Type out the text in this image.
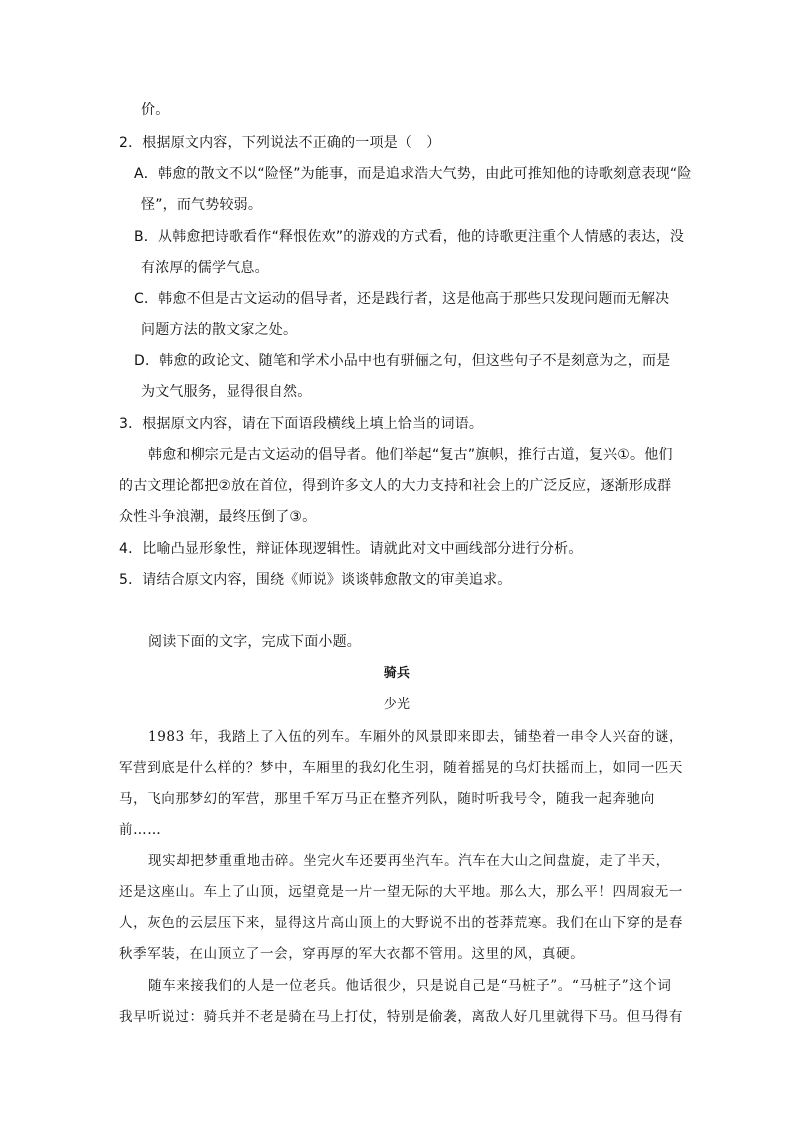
价。
2．根据原文内容，下列说法不正确的一项是（　）
A．韩愈的散文不以“险怪”为能事，而是追求浩大气势，由此可推知他的诗歌刻意表现“险
怪”，而气势较弱。
B．从韩愈把诗歌看作“释恨佐欢”的游戏的方式看，他的诗歌更注重个人情感的表达，没
有浓厚的儒学气息。
C．韩愈不但是古文运动的倡导者，还是践行者，这是他高于那些只发现问题而无解决
问题方法的散文家之处。
D．韩愈的政论文、随笔和学术小品中也有骈俪之句，但这些句子不是刻意为之，而是
为文气服务，显得很自然。
3．根据原文内容，请在下面语段横线上填上恰当的词语。
韩愈和柳宗元是古文运动的倡导者。他们举起“复古”旗帜，推行古道，复兴①。他们
的古文理论都把②放在首位，得到许多文人的大力支持和社会上的广泛反应，逐渐形成群
众性斗争浪潮，最终压倒了③。
4．比喻凸显形象性，辩证体现逻辑性。请就此对文中画线部分进行分析。
5．请结合原文内容，围绕《师说》谈谈韩愈散文的审美追求。
阅读下面的文字，完成下面小题。
骑兵
少光
1983 年，我踏上了入伍的列车。车厢外的风景即来即去，铺垫着一串令人兴奋的谜，
军营到底是什么样的？梦中，车厢里的我幻化生羽，随着摇晃的乌灯扶摇而上，如同一匹天
马，飞向那梦幻的军营，那里千军万马正在整齐列队，随时听我号令，随我一起奔驰向
前……
现实却把梦重重地击碎。坐完火车还要再坐汽车。汽车在大山之间盘旋，走了半天，
还是这座山。车上了山顶，远望竟是一片一望无际的大平地。那么大，那么平！四周寂无一
人，灰色的云层压下来，显得这片高山顶上的大野说不出的苍莽荒寒。我们在山下穿的是春
秋季军装，在山顶立了一会，穿再厚的军大衣都不管用。这里的风，真硬。
随车来接我们的人是一位老兵。他话很少，只是说自己是“马桩子”。“马桩子”这个词
我早听说过：骑兵并不老是骑在马上打仗，特别是偷袭，离敌人好几里就得下马。但马得有
